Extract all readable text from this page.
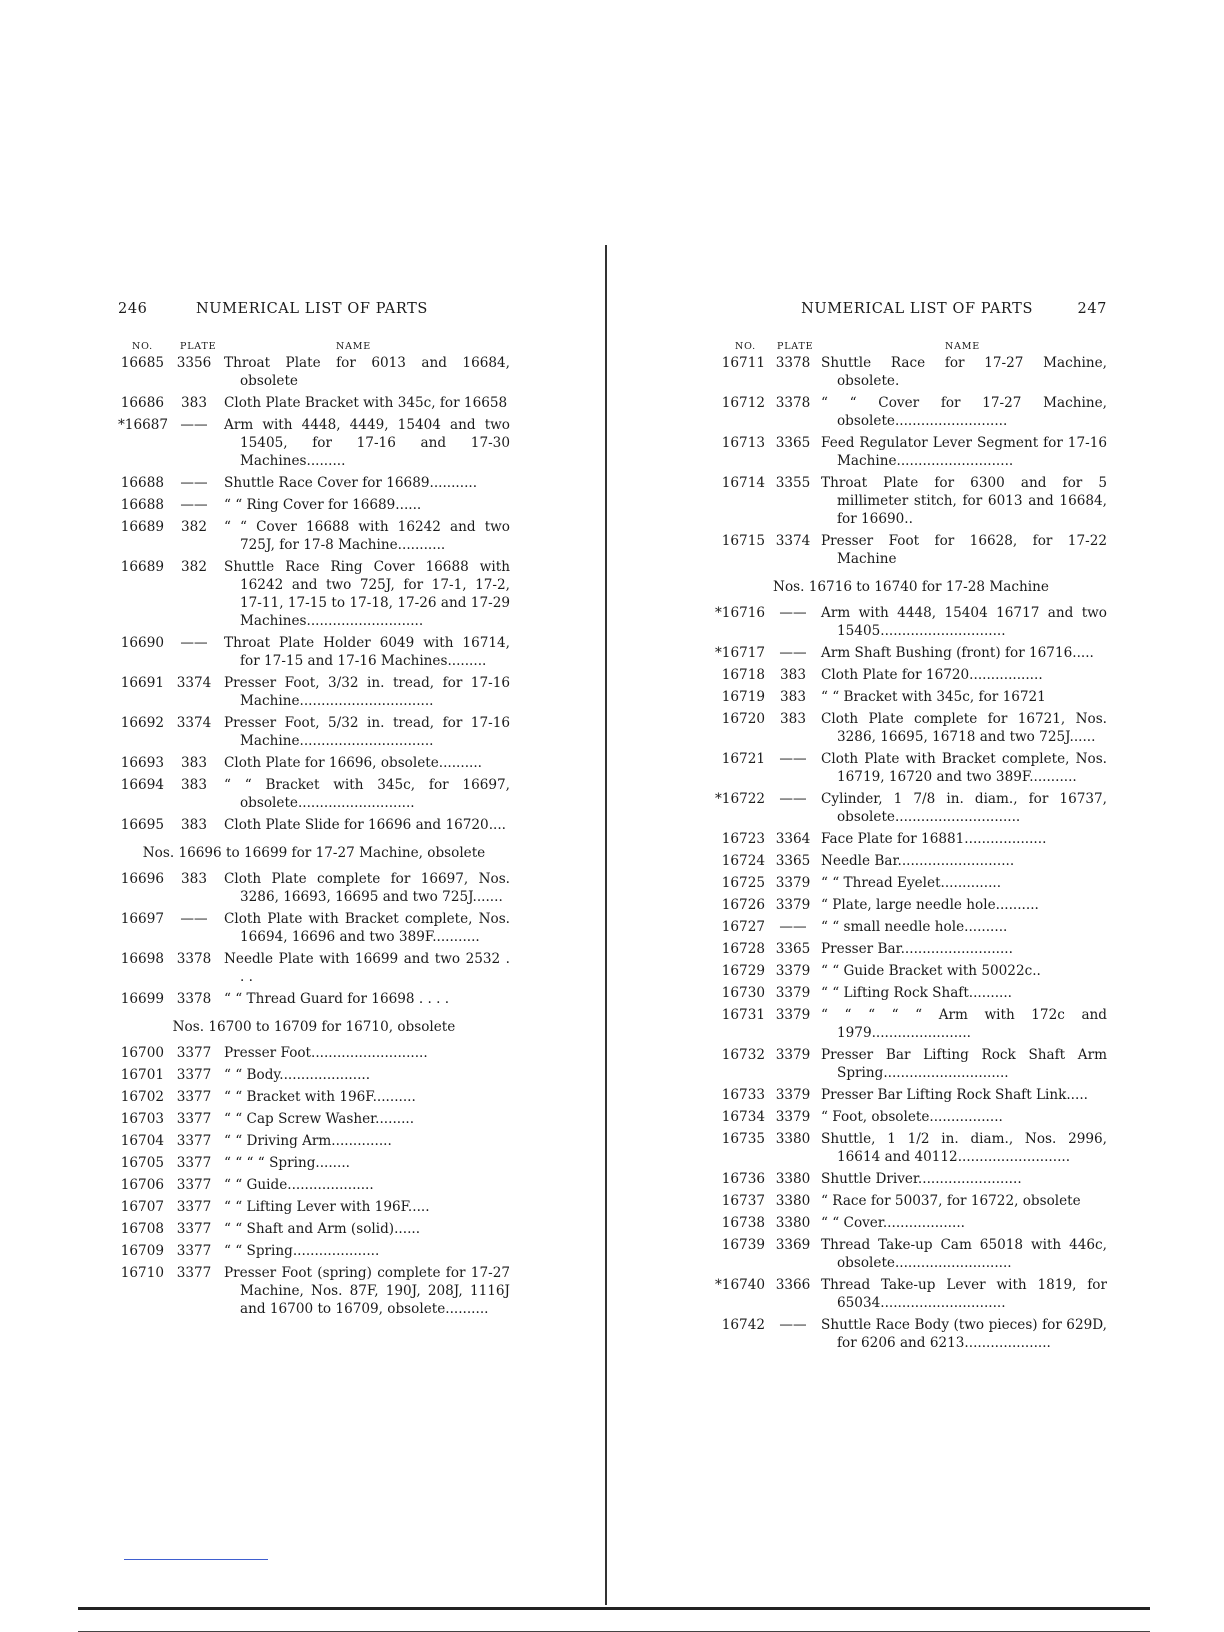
246	NUMERICAL LIST OF PARTS
NO.	PLATE	NAME
16685 3356 Throat Plate for 6013 and 16684, obsolete
16686	383	Cloth Plate Bracket with 345c, for 16658
*16687 ——	Arm with 4448, 4449, 15404 and two 15405, for 17-16 and 17-30 Machines.........
16688	——	Shuttle Race Cover for 16689...........
16688	——	“ “ Ring Cover for 16689......
16689	382	“ “ Cover 16688 with 16242 and two 725J, for 17-8 Machine...........
16689	382	Shuttle Race Ring Cover 16688 with 16242 and two 725J, for 17-1, 17-2, 17-11, 17-15 to 17-18, 17-26 and 17-29 Machines...........................
16690	——	Throat Plate Holder 6049 with 16714, for 17-15 and 17-16 Machines.........
16691 3374 Presser Foot, 3/32 in. tread, for 17-16 Machine...............................
16692 3374 Presser Foot, 5/32 in. tread, for 17-16 Machine...............................
16693	383	Cloth Plate for 16696, obsolete..........
16694	383	“ “ Bracket with 345c, for 16697, obsolete...........................
16695	383	Cloth Plate Slide for 16696 and 16720....
Nos. 16696 to 16699 for 17-27 Machine, obsolete
16696	383	Cloth Plate complete for 16697, Nos. 3286, 16693, 16695 and two 725J.......
16697	——	Cloth Plate with Bracket complete, Nos. 16694, 16696 and two 389F...........
16698 3378 Needle Plate with 16699 and two 2532 . . .
16699 3378 “ “ Thread Guard for 16698 . . . .
Nos. 16700 to 16709 for 16710, obsolete
16700 3377 Presser Foot...........................
16701 3377 “ “ Body.....................
16702 3377 “ “ Bracket with 196F..........
16703 3377 “ “ Cap Screw Washer.........
16704 3377 “ “ Driving Arm..............
16705 3377 “ “ “ “ Spring........
16706 3377 “ “ Guide....................
16707 3377 “ “ Lifting Lever with 196F.....
16708 3377 “ “ Shaft and Arm (solid)......
16709 3377 “ “ Spring....................
16710 3377 Presser Foot (spring) complete for 17-27 Machine, Nos. 87F, 190J, 208J, 1116J and 16700 to 16709, obsolete..........
NUMERICAL LIST OF PARTS	247
NO. PLATE	NAME
16711 3378 Shuttle Race for 17-27 Machine, obsolete.
16712 3378 “ “ Cover for 17-27 Machine, obsolete..........................
16713 3365 Feed Regulator Lever Segment for 17-16 Machine...........................
16714 3355 Throat Plate for 6300 and for 5 millimeter stitch, for 6013 and 16684, for 16690..
16715 3374 Presser Foot for 16628, for 17-22 Machine
Nos. 16716 to 16740 for 17-28 Machine
*16716	——	Arm with 4448, 15404 16717 and two 15405.............................
*16717	——	Arm Shaft Bushing (front) for 16716.....
16718	383	Cloth Plate for 16720.................
16719	383	“ “ Bracket with 345c, for 16721
16720	383	Cloth Plate complete for 16721, Nos. 3286, 16695, 16718 and two 725J......
16721	——	Cloth Plate with Bracket complete, Nos. 16719, 16720 and two 389F...........
*16722	——	Cylinder, 1 7/8 in. diam., for 16737, obsolete.............................
16723 3364 Face Plate for 16881...................
16724 3365 Needle Bar...........................
16725 3379 “ “ Thread Eyelet..............
16726 3379 “ Plate, large needle hole..........
16727	——	“ “ small needle hole..........
16728 3365 Presser Bar..........................
16729 3379 “ “ Guide Bracket with 50022c..
16730 3379 “ “ Lifting Rock Shaft..........
16731 3379 “ “ “ “ “ Arm with 172c and 1979.......................
16732 3379 Presser Bar Lifting Rock Shaft Arm Spring.............................
16733 3379 Presser Bar Lifting Rock Shaft Link.....
16734 3379 “ Foot, obsolete.................
16735 3380 Shuttle, 1 1/2 in. diam., Nos. 2996, 16614 and 40112..........................
16736 3380 Shuttle Driver........................
16737 3380 “ Race for 50037, for 16722, obsolete
16738 3380 “ “ Cover...................
16739 3369 Thread Take-up Cam 65018 with 446c, obsolete...........................
*16740 3366 Thread Take-up Lever with 1819, for 65034.............................
16742	——	Shuttle Race Body (two pieces) for 629D, for 6206 and 6213....................
